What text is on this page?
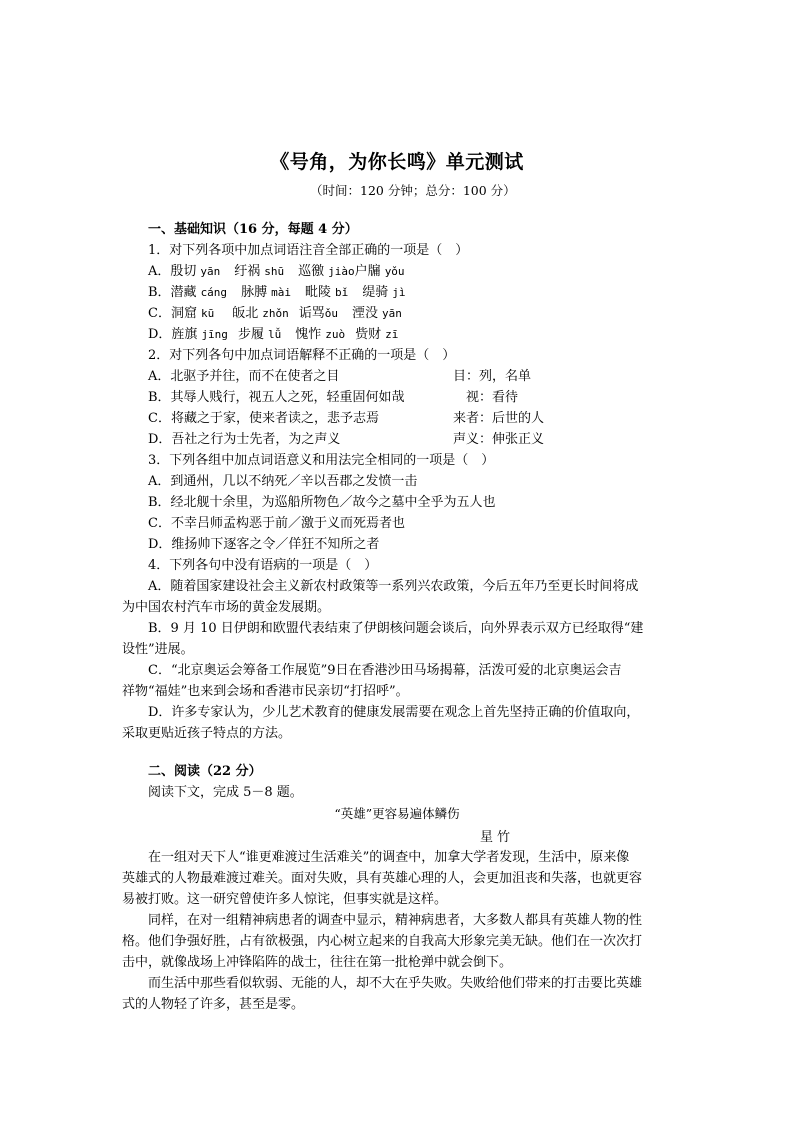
《号角，为你长鸣》单元测试
（时间：120 分钟；总分：100 分）
一、基础知识（16 分，每题 4 分）
1．对下列各项中加点词语注音全部正确的一项是（　）
A．殷切 yān 纡祸 shū 巡徼 jiào户牖 yǒu
B．潜藏 cáng 脉膊 mài 毗陵 bǐ 缇骑 jì
C．洞窟 kū 皈北 zhǒn 诟骂ǒu 湮没 yān
D．旌旗 jīng 步履 lǚ 愧怍 zuò 赀财 zī
2．对下列各句中加点词语解释不正确的一项是（　）
A．北驱予并往，而不在使者之目	目：列，名单
B．其辱人贱行，视五人之死，轻重固何如哉	视：看待
C．将藏之于家，使来者读之，悲予志焉	来者：后世的人
D．吾社之行为士先者，为之声义	声义：伸张正义
3．下列各组中加点词语意义和用法完全相同的一项是（　）
A．到通州，几以不纳死／辛以吾郡之发愤一击
B．经北舰十余里，为巡船所物色／故今之墓中全乎为五人也
C．不幸吕师孟构恶于前／激于义而死焉者也
D．维扬帅下逐客之令／佯狂不知所之者
4．下列各句中没有语病的一项是（　）
A．随着国家建设社会主义新农村政策等一系列兴农政策，今后五年乃至更长时间将成
为中国农村汽车市场的黄金发展期。
B．9 月 10 日伊朗和欧盟代表结束了伊朗核问题会谈后，向外界表示双方已经取得“建
设性”进展。
C．“北京奥运会筹备工作展览”9日在香港沙田马场揭幕，活泼可爱的北京奥运会吉
祥物“福娃”也来到会场和香港市民亲切“打招呼”。
D．许多专家认为，少儿艺术教育的健康发展需要在观念上首先坚持正确的价值取向，
采取更贴近孩子特点的方法。
二、阅读（22 分）
阅读下文，完成 5－8 题。
“英雄”更容易遍体鳞伤
星竹
在一组对天下人“谁更难渡过生活难关”的调查中，加拿大学者发现，生活中，原来像
英雄式的人物最难渡过难关。面对失败，具有英雄心理的人，会更加沮丧和失落，也就更容
易被打败。这一研究曾使许多人惊诧，但事实就是这样。
同样，在对一组精神病患者的调查中显示，精神病患者，大多数人都具有英雄人物的性
格。他们争强好胜，占有欲极强，内心树立起来的自我高大形象完美无缺。他们在一次次打
击中，就像战场上冲锋陷阵的战士，往往在第一批枪弹中就会倒下。
而生活中那些看似软弱、无能的人，却不大在乎失败。失败给他们带来的打击要比英雄
式的人物轻了许多，甚至是零。
